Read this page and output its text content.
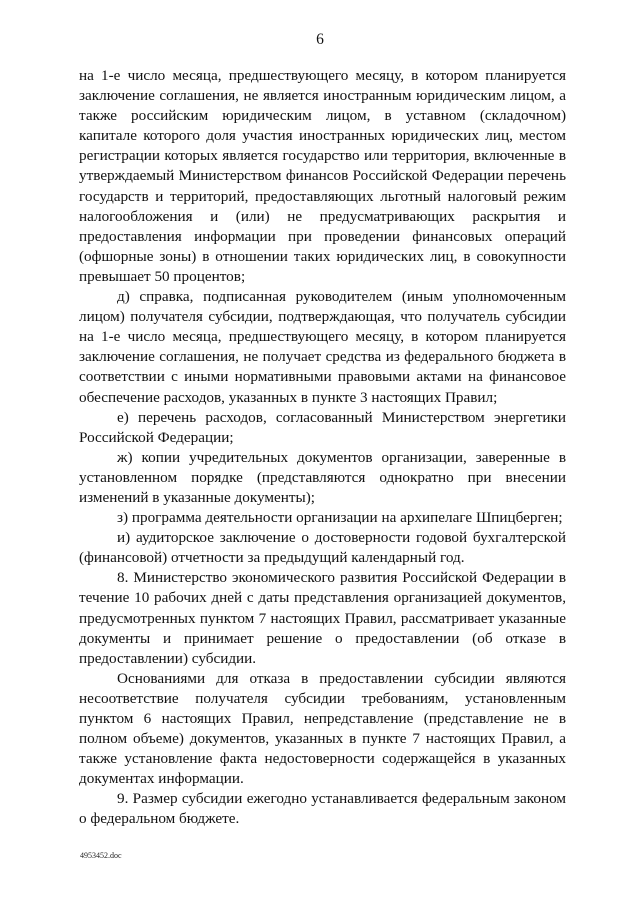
6

на 1-е число месяца, предшествующего месяцу, в котором планируется заключение соглашения, не является иностранным юридическим лицом, а также российским юридическим лицом, в уставном (складочном) капитале которого доля участия иностранных юридических лиц, местом регистрации которых является государство или территория, включенные в утверждаемый Министерством финансов Российской Федерации перечень государств и территорий, предоставляющих льготный налоговый режим налогообложения и (или) не предусматривающих раскрытия и предоставления информации при проведении финансовых операций (офшорные зоны) в отношении таких юридических лиц, в совокупности превышает 50 процентов;

д) справка, подписанная руководителем (иным уполномоченным лицом) получателя субсидии, подтверждающая, что получатель субсидии на 1-е число месяца, предшествующего месяцу, в котором планируется заключение соглашения, не получает средства из федерального бюджета в соответствии с иными нормативными правовыми актами на финансовое обеспечение расходов, указанных в пункте 3 настоящих Правил;

е) перечень расходов, согласованный Министерством энергетики Российской Федерации;

ж) копии учредительных документов организации, заверенные в установленном порядке (представляются однократно при внесении изменений в указанные документы);

з) программа деятельности организации на архипелаге Шпицберген;

и) аудиторское заключение о достоверности годовой бухгалтерской (финансовой) отчетности за предыдущий календарный год.

8. Министерство экономического развития Российской Федерации в течение 10 рабочих дней с даты представления организацией документов, предусмотренных пунктом 7 настоящих Правил, рассматривает указанные документы и принимает решение о предоставлении (об отказе в предоставлении) субсидии.

Основаниями для отказа в предоставлении субсидии являются несоответствие получателя субсидии требованиям, установленным пунктом 6 настоящих Правил, непредставление (представление не в полном объеме) документов, указанных в пункте 7 настоящих Правил, а также установление факта недостоверности содержащейся в указанных документах информации.

9. Размер субсидии ежегодно устанавливается федеральным законом о федеральном бюджете.

4953452.doc
